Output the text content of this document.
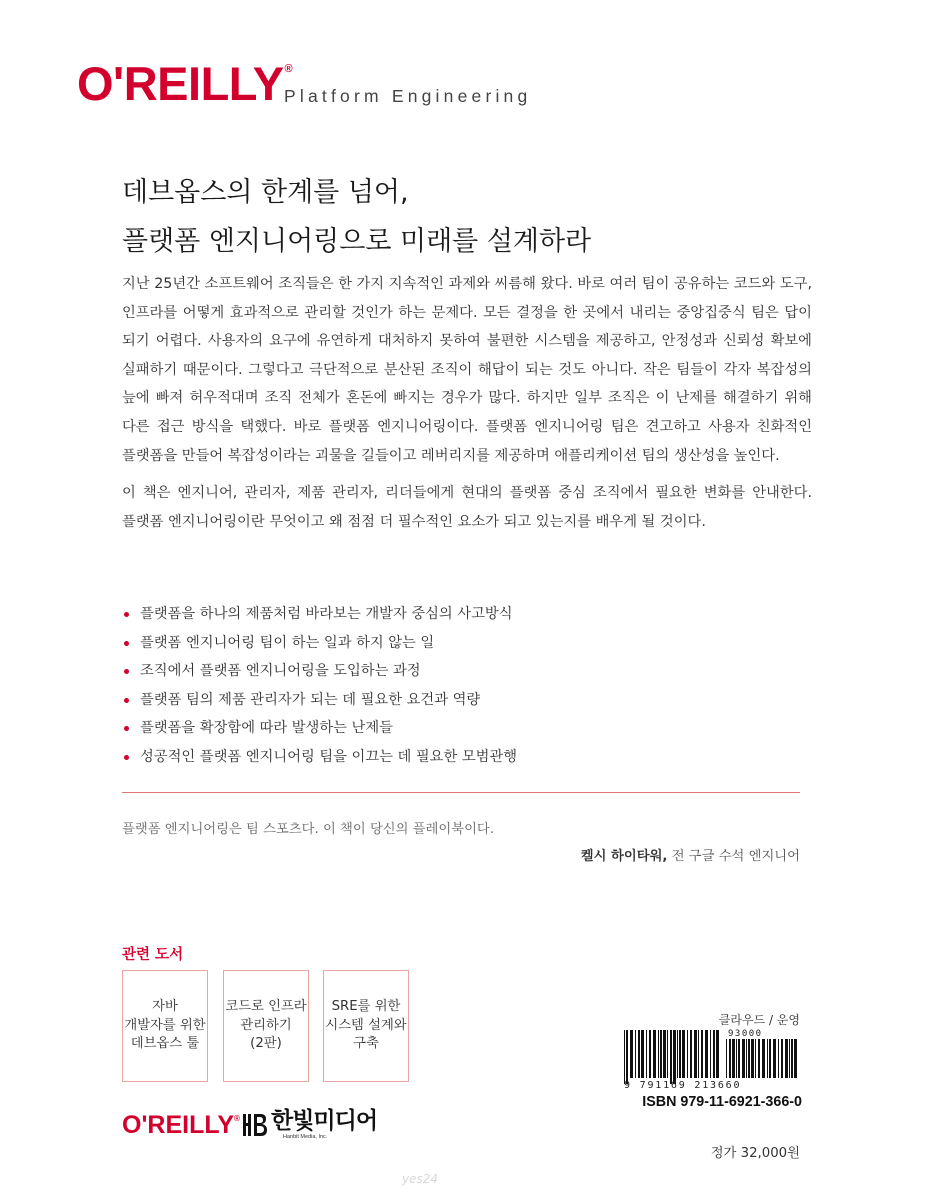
O'REILLY®
Platform Engineering
데브옵스의 한계를 넘어,
플랫폼 엔지니어링으로 미래를 설계하라

지난 25년간 소프트웨어 조직들은 한 가지 지속적인 과제와 씨름해 왔다. 바로 여러 팀이 공유하는 코드와 도구, 인프라를 어떻게 효과적으로 관리할 것인가 하는 문제다. 모든 결정을 한 곳에서 내리는 중앙집중식 팀은 답이 되기 어렵다. 사용자의 요구에 유연하게 대처하지 못하여 불편한 시스템을 제공하고, 안정성과 신뢰성 확보에 실패하기 때문이다. 그렇다고 극단적으로 분산된 조직이 해답이 되는 것도 아니다. 작은 팀들이 각자 복잡성의 늪에 빠져 허우적대며 조직 전체가 혼돈에 빠지는 경우가 많다. 하지만 일부 조직은 이 난제를 해결하기 위해 다른 접근 방식을 택했다. 바로 플랫폼 엔지니어링이다. 플랫폼 엔지니어링 팀은 견고하고 사용자 친화적인 플랫폼을 만들어 복잡성이라는 괴물을 길들이고 레버리지를 제공하며 애플리케이션 팀의 생산성을 높인다.

이 책은 엔지니어, 관리자, 제품 관리자, 리더들에게 현대의 플랫폼 중심 조직에서 필요한 변화를 안내한다. 플랫폼 엔지니어링이란 무엇이고 왜 점점 더 필수적인 요소가 되고 있는지를 배우게 될 것이다.

플랫폼을 하나의 제품처럼 바라보는 개발자 중심의 사고방식
플랫폼 엔지니어링 팀이 하는 일과 하지 않는 일
조직에서 플랫폼 엔지니어링을 도입하는 과정
플랫폼 팀의 제품 관리자가 되는 데 필요한 요건과 역량
플랫폼을 확장함에 따라 발생하는 난제들
성공적인 플랫폼 엔지니어링 팀을 이끄는 데 필요한 모범관행
플랫폼 엔지니어링은 팀 스포츠다. 이 책이 당신의 플레이북이다.
켈시 하이타워, 전 구글 수석 엔지니어
관련 도서
자바
개발자를 위한
데브옵스 툴
코드로 인프라
관리하기
(2판)
SRE를 위한
시스템 설계와
구축
클라우드 / 운영
93000
9 791169 213660
ISBN 979-11-6921-366-0
정가 32,000원
O'REILLY® 한빛미디어
Hanbit Media, Inc.
yes24
